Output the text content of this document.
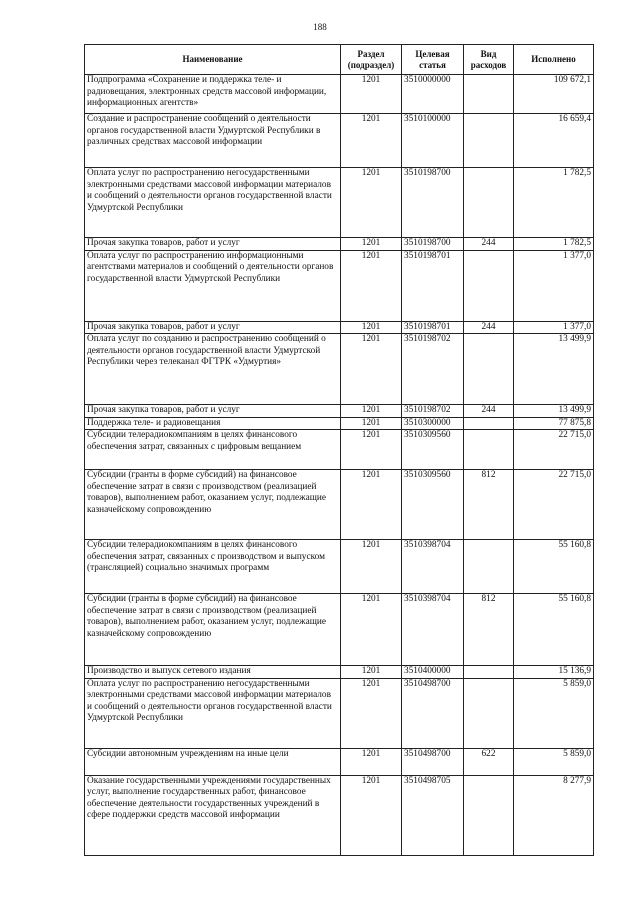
188
Наименование	Раздел (подраздел)	Целевая статья	Вид расходов	Исполнено
Подпрограмма «Сохранение и поддержка теле- и радиовещания, электронных средств массовой информации, информационных агентств»	1201	3510000000		109 672,1
Создание и распространение сообщений о деятельности органов государственной власти Удмуртской Республики в различных средствах массовой информации	1201	3510100000		16 659,4
Оплата услуг по распространению негосударственными электронными средствами массовой информации материалов и сообщений о деятельности органов государственной власти Удмуртской Республики	1201	3510198700		1 782,5
Прочая закупка товаров, работ и услуг	1201	3510198700	244	1 782,5
Оплата услуг по распространению информационными агентствами материалов и сообщений о деятельности органов государственной власти Удмуртской Республики	1201	3510198701		1 377,0
Прочая закупка товаров, работ и услуг	1201	3510198701	244	1 377,0
Оплата услуг по созданию и распространению сообщений о деятельности органов государственной власти Удмуртской Республики через телеканал ФГТРК «Удмуртия»	1201	3510198702		13 499,9
Прочая закупка товаров, работ и услуг	1201	3510198702	244	13 499,9
Поддержка теле- и радиовещания	1201	3510300000		77 875,8
Субсидии телерадиокомпаниям в целях финансового обеспечения затрат, связанных с цифровым вещанием	1201	3510309560		22 715,0
Субсидии (гранты в форме субсидий) на финансовое обеспечение затрат в связи с производством (реализацией товаров), выполнением работ, оказанием услуг, подлежащие казначейскому сопровождению	1201	3510309560	812	22 715,0
Субсидии телерадиокомпаниям в целях финансового обеспечения затрат, связанных с производством и выпуском (трансляцией) социально значимых программ	1201	3510398704		55 160,8
Субсидии (гранты в форме субсидий) на финансовое обеспечение затрат в связи с производством (реализацией товаров), выполнением работ, оказанием услуг, подлежащие казначейскому сопровождению	1201	3510398704	812	55 160,8
Производство и выпуск сетевого издания	1201	3510400000		15 136,9
Оплата услуг по распространению негосударственными электронными средствами массовой информации материалов и сообщений о деятельности органов государственной власти Удмуртской Республики	1201	3510498700		5 859,0
Субсидии автономным учреждениям на иные цели	1201	3510498700	622	5 859,0
Оказание государственными учреждениями государственных услуг, выполнение государственных работ, финансовое обеспечение деятельности государственных учреждений в сфере поддержки средств массовой информации	1201	3510498705		8 277,9
